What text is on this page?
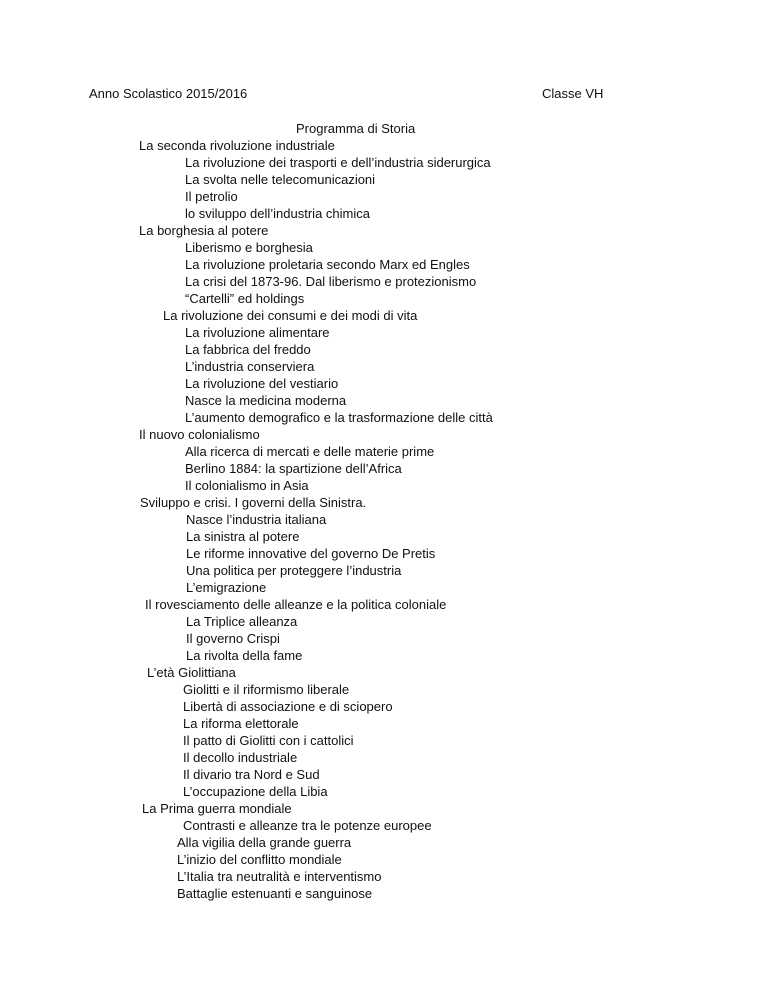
Anno Scolastico 2015/2016	Classe VH
Programma di Storia
La seconda rivoluzione industriale
La rivoluzione dei trasporti e dell’industria siderurgica
La svolta nelle telecomunicazioni
Il petrolio
lo sviluppo dell’industria chimica
La borghesia al potere
Liberismo e borghesia
La rivoluzione proletaria secondo Marx ed Engles
La crisi del 1873-96. Dal liberismo e protezionismo
“Cartelli” ed holdings
La rivoluzione dei consumi e dei modi di vita
La rivoluzione alimentare
La fabbrica del freddo
L’industria conserviera
La rivoluzione del vestiario
Nasce la medicina moderna
L’aumento demografico e la trasformazione delle città
Il nuovo colonialismo
Alla ricerca di mercati e delle materie prime
Berlino 1884: la spartizione dell’Africa
Il colonialismo in Asia
Sviluppo e crisi. I governi della Sinistra.
Nasce l’industria italiana
La sinistra al potere
Le riforme innovative del governo De Pretis
Una politica per proteggere l’industria
L’emigrazione
Il rovesciamento delle alleanze e la politica coloniale
La Triplice alleanza
Il governo Crispi
La rivolta della fame
L’età Giolittiana
Giolitti e il riformismo liberale
Libertà di associazione e di sciopero
La riforma elettorale
Il patto di Giolitti con i cattolici
Il decollo industriale
Il divario tra Nord e Sud
L’occupazione della Libia
La Prima guerra mondiale
Contrasti e alleanze tra le potenze europee
Alla vigilia della grande guerra
L’inizio del conflitto mondiale
L’Italia tra neutralità e interventismo
Battaglie estenuanti e sanguinose
